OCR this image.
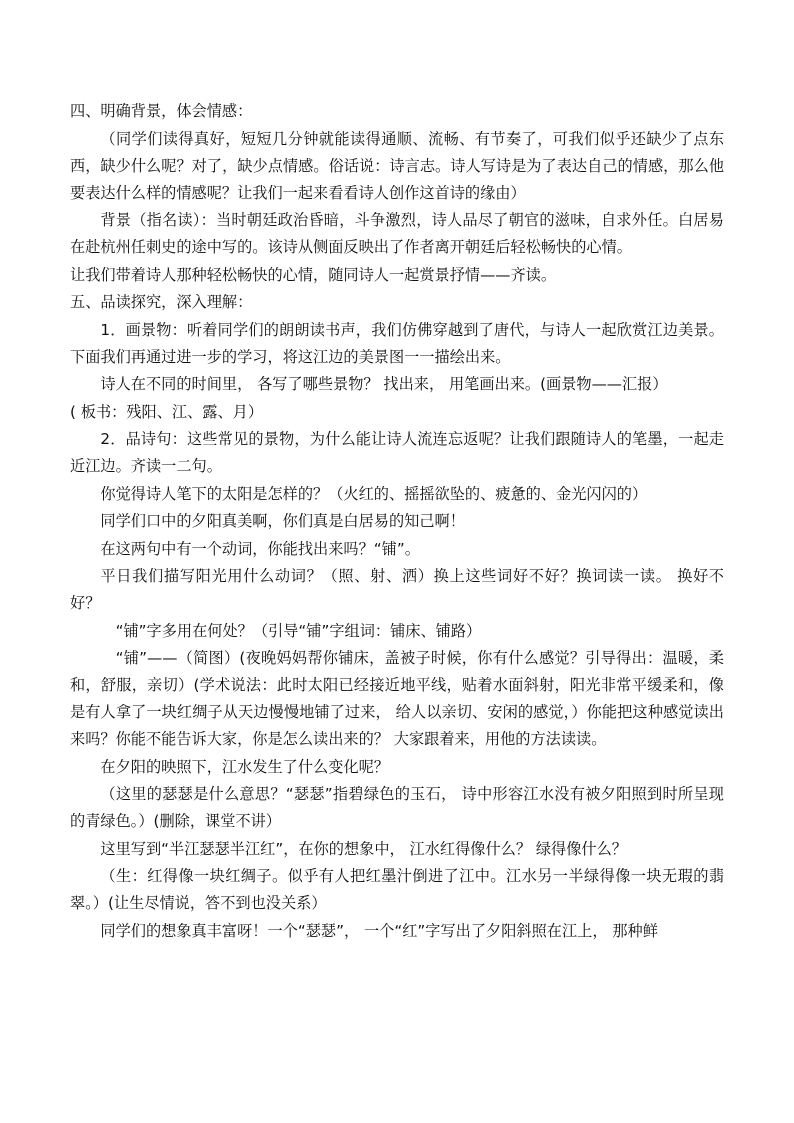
四、明确背景，体会情感：

（同学们读得真好，短短几分钟就能读得通顺、流畅、有节奏了，可我们似乎还缺少了点东西，缺少什么呢？对了，缺少点情感。俗话说：诗言志。诗人写诗是为了表达自己的情感，那么他要表达什么样的情感呢？让我们一起来看看诗人创作这首诗的缘由）

背景（指名读）：当时朝廷政治昏暗，斗争激烈，诗人品尽了朝官的滋味，自求外任。白居易在赴杭州任刺史的途中写的。该诗从侧面反映出了作者离开朝廷后轻松畅快的心情。

让我们带着诗人那种轻松畅快的心情，随同诗人一起赏景抒情——齐读。

五、品读探究，深入理解：

1．画景物：听着同学们的朗朗读书声，我们仿佛穿越到了唐代，与诗人一起欣赏江边美景。下面我们再通过进一步的学习，将这江边的美景图一一描绘出来。

诗人在不同的时间里， 各写了哪些景物？ 找出来， 用笔画出来。(画景物——汇报）

( 板书：残阳、江、露、月）

2．品诗句：这些常见的景物，为什么能让诗人流连忘返呢？让我们跟随诗人的笔墨，一起走近江边。齐读一二句。

你觉得诗人笔下的太阳是怎样的？（火红的、摇摇欲坠的、疲惫的、金光闪闪的）

同学们口中的夕阳真美啊，你们真是白居易的知己啊！

在这两句中有一个动词，你能找出来吗？“铺”。

平日我们描写阳光用什么动词？（照、射、洒）换上这些词好不好？换词读一读。 换好不好？

“铺”字多用在何处？（引导“铺”字组词：铺床、铺路）

“铺”——（简图）(夜晚妈妈帮你铺床，盖被子时候，你有什么感觉？引导得出：温暖，柔和，舒服，亲切）(学术说法：此时太阳已经接近地平线，贴着水面斜射，阳光非常平缓柔和，像是有人拿了一块红绸子从天边慢慢地铺了过来， 给人以亲切、安闲的感觉，）你能把这种感觉读出来吗？你能不能告诉大家，你是怎么读出来的？ 大家跟着来，用他的方法读读。

在夕阳的映照下，江水发生了什么变化呢？

（这里的瑟瑟是什么意思？“瑟瑟”指碧绿色的玉石， 诗中形容江水没有被夕阳照到时所呈现的青绿色。）(删除，课堂不讲）

这里写到“半江瑟瑟半江红”，在你的想象中， 江水红得像什么？ 绿得像什么？

（生：红得像一块红绸子。似乎有人把红墨汁倒进了江中。江水另一半绿得像一块无瑕的翡翠。）(让生尽情说，答不到也没关系）

同学们的想象真丰富呀！一个“瑟瑟”， 一个“红”字写出了夕阳斜照在江上， 那种鲜
